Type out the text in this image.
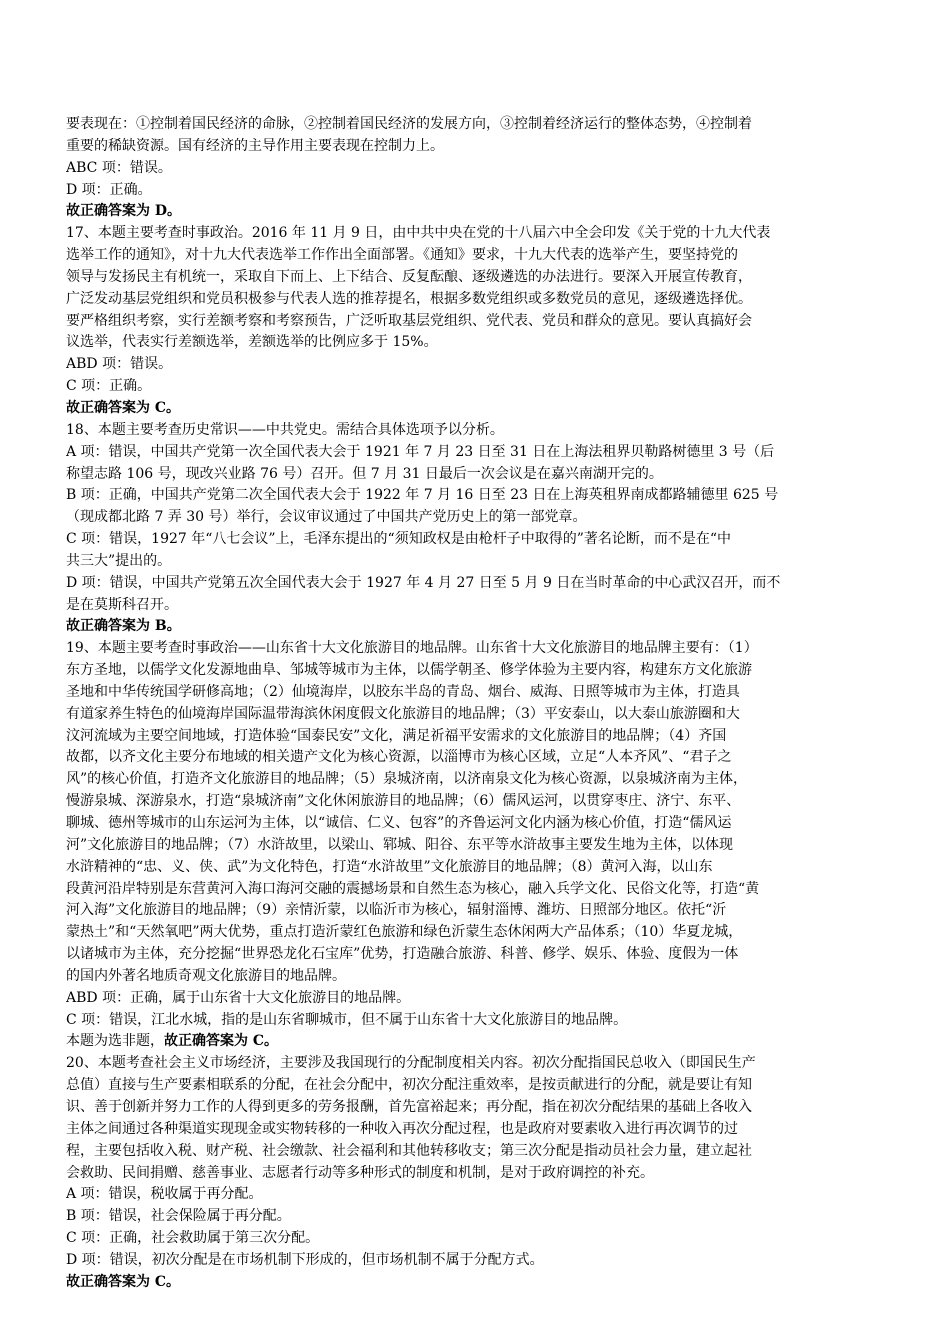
要表现在：①控制着国民经济的命脉，②控制着国民经济的发展方向，③控制着经济运行的整体态势，④控制着
重要的稀缺资源。国有经济的主导作用主要表现在控制力上。
ABC 项：错误。
D 项：正确。
故正确答案为 D。
17、本题主要考查时事政治。2016 年 11 月 9 日，由中共中央在党的十八届六中全会印发《关于党的十九大代表
选举工作的通知》，对十九大代表选举工作作出全面部署。《通知》要求，十九大代表的选举产生，要坚持党的
领导与发扬民主有机统一，采取自下而上、上下结合、反复酝酿、逐级遴选的办法进行。要深入开展宣传教育，
广泛发动基层党组织和党员积极参与代表人选的推荐提名，根据多数党组织或多数党员的意见，逐级遴选择优。
要严格组织考察，实行差额考察和考察预告，广泛听取基层党组织、党代表、党员和群众的意见。要认真搞好会
议选举，代表实行差额选举，差额选举的比例应多于 15%。
ABD 项：错误。
C 项：正确。
故正确答案为 C。
18、本题主要考查历史常识——中共党史。需结合具体选项予以分析。
A 项：错误，中国共产党第一次全国代表大会于 1921 年 7 月 23 日至 31 日在上海法租界贝勒路树德里 3 号（后
称望志路 106 号，现改兴业路 76 号）召开。但 7 月 31 日最后一次会议是在嘉兴南湖开完的。
B 项：正确，中国共产党第二次全国代表大会于 1922 年 7 月 16 日至 23 日在上海英租界南成都路辅德里 625 号
（现成都北路 7 弄 30 号）举行，会议审议通过了中国共产党历史上的第一部党章。
C 项：错误，1927 年“八七会议”上，毛泽东提出的“须知政权是由枪杆子中取得的”著名论断，而不是在“中
共三大”提出的。
D 项：错误，中国共产党第五次全国代表大会于 1927 年 4 月 27 日至 5 月 9 日在当时革命的中心武汉召开，而不
是在莫斯科召开。
故正确答案为 B。
19、本题主要考查时事政治——山东省十大文化旅游目的地品牌。山东省十大文化旅游目的地品牌主要有：（1）
东方圣地，以儒学文化发源地曲阜、邹城等城市为主体，以儒学朝圣、修学体验为主要内容，构建东方文化旅游
圣地和中华传统国学研修高地；（2）仙境海岸，以胶东半岛的青岛、烟台、威海、日照等城市为主体，打造具
有道家养生特色的仙境海岸国际温带海滨休闲度假文化旅游目的地品牌；（3）平安泰山，以大泰山旅游圈和大
汶河流域为主要空间地域，打造体验“国泰民安”文化，满足祈福平安需求的文化旅游目的地品牌；（4）齐国
故都，以齐文化主要分布地域的相关遗产文化为核心资源，以淄博市为核心区域，立足“人本齐风”、“君子之
风”的核心价值，打造齐文化旅游目的地品牌；（5）泉城济南，以济南泉文化为核心资源，以泉城济南为主体，
慢游泉城、深游泉水，打造“泉城济南”文化休闲旅游目的地品牌；（6）儒风运河，以贯穿枣庄、济宁、东平、
聊城、德州等城市的山东运河为主体，以“诚信、仁义、包容”的齐鲁运河文化内涵为核心价值，打造“儒风运
河”文化旅游目的地品牌；（7）水浒故里，以梁山、郓城、阳谷、东平等水浒故事主要发生地为主体，以体现
水浒精神的“忠、义、侠、武”为文化特色，打造“水浒故里”文化旅游目的地品牌；（8）黄河入海，以山东
段黄河沿岸特别是东营黄河入海口海河交融的震撼场景和自然生态为核心，融入兵学文化、民俗文化等，打造“黄
河入海”文化旅游目的地品牌；（9）亲情沂蒙，以临沂市为核心，辐射淄博、潍坊、日照部分地区。依托“沂
蒙热土”和“天然氧吧”两大优势，重点打造沂蒙红色旅游和绿色沂蒙生态休闲两大产品体系；（10）华夏龙城，
以诸城市为主体，充分挖掘“世界恐龙化石宝库”优势，打造融合旅游、科普、修学、娱乐、体验、度假为一体
的国内外著名地质奇观文化旅游目的地品牌。
ABD 项：正确，属于山东省十大文化旅游目的地品牌。
C 项：错误，江北水城，指的是山东省聊城市，但不属于山东省十大文化旅游目的地品牌。
本题为选非题，故正确答案为 C。
20、本题考查社会主义市场经济，主要涉及我国现行的分配制度相关内容。初次分配指国民总收入（即国民生产
总值）直接与生产要素相联系的分配，在社会分配中，初次分配注重效率，是按贡献进行的分配，就是要让有知
识、善于创新并努力工作的人得到更多的劳务报酬，首先富裕起来；再分配，指在初次分配结果的基础上各收入
主体之间通过各种渠道实现现金或实物转移的一种收入再次分配过程，也是政府对要素收入进行再次调节的过
程，主要包括收入税、财产税、社会缴款、社会福利和其他转移收支；第三次分配是指动员社会力量，建立起社
会救助、民间捐赠、慈善事业、志愿者行动等多种形式的制度和机制，是对于政府调控的补充。
A 项：错误，税收属于再分配。
B 项：错误，社会保险属于再分配。
C 项：正确，社会救助属于第三次分配。
D 项：错误，初次分配是在市场机制下形成的，但市场机制不属于分配方式。
故正确答案为 C。
